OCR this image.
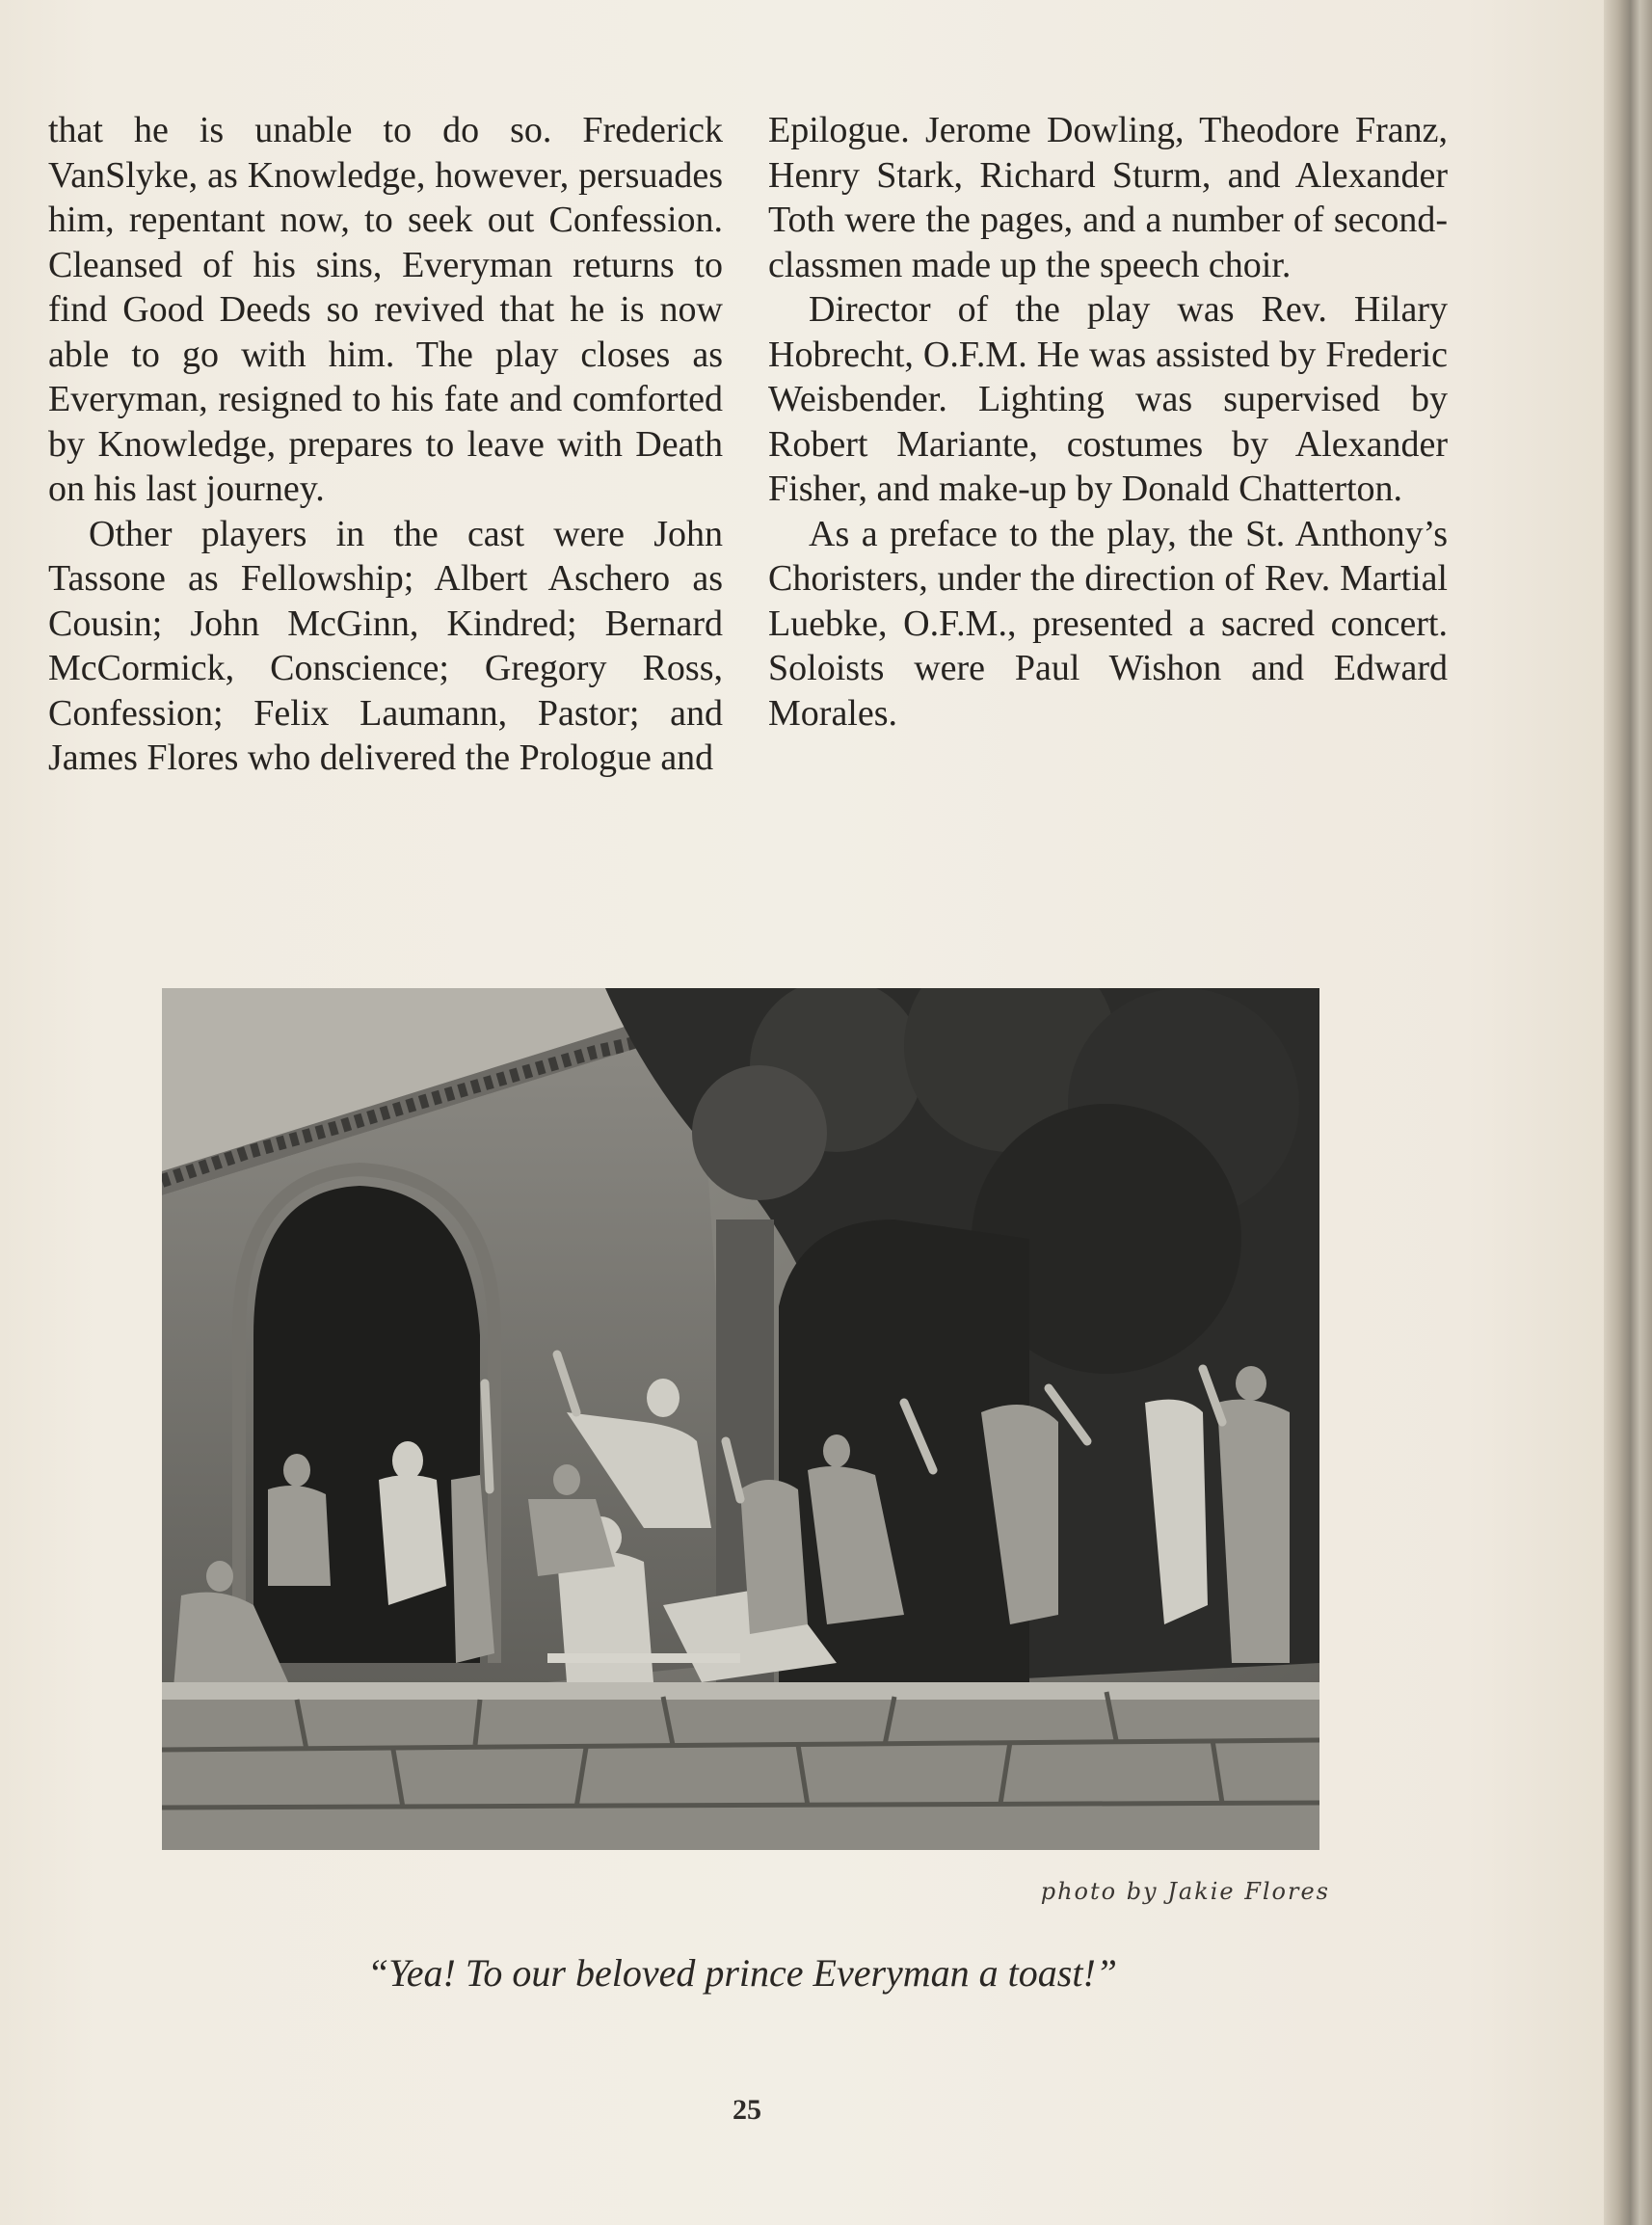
that he is unable to do so. Frederick VanSlyke, as Knowledge, however, persuades him, repentant now, to seek out Confession. Cleansed of his sins, Everyman returns to find Good Deeds so revived that he is now able to go with him. The play closes as Everyman, resigned to his fate and comforted by Knowledge, prepares to leave with Death on his last journey.

Other players in the cast were John Tassone as Fellowship; Albert Aschero as Cousin; John McGinn, Kindred; Bernard McCormick, Conscience; Gregory Ross, Confession; Felix Laumann, Pastor; and James Flores who delivered the Prologue and

Epilogue. Jerome Dowling, Theodore Franz, Henry Stark, Richard Sturm, and Alexander Toth were the pages, and a number of second-classmen made up the speech choir.

Director of the play was Rev. Hilary Hobrecht, O.F.M. He was assisted by Frederic Weisbender. Lighting was supervised by Robert Mariante, costumes by Alexander Fisher, and make-up by Donald Chatterton.

As a preface to the play, the St. Anthony’s Choristers, under the direction of Rev. Martial Luebke, O.F.M., presented a sacred concert. Soloists were Paul Wishon and Edward Morales.

photo by Jakie Flores
“Yea! To our beloved prince Everyman a toast!”
25
